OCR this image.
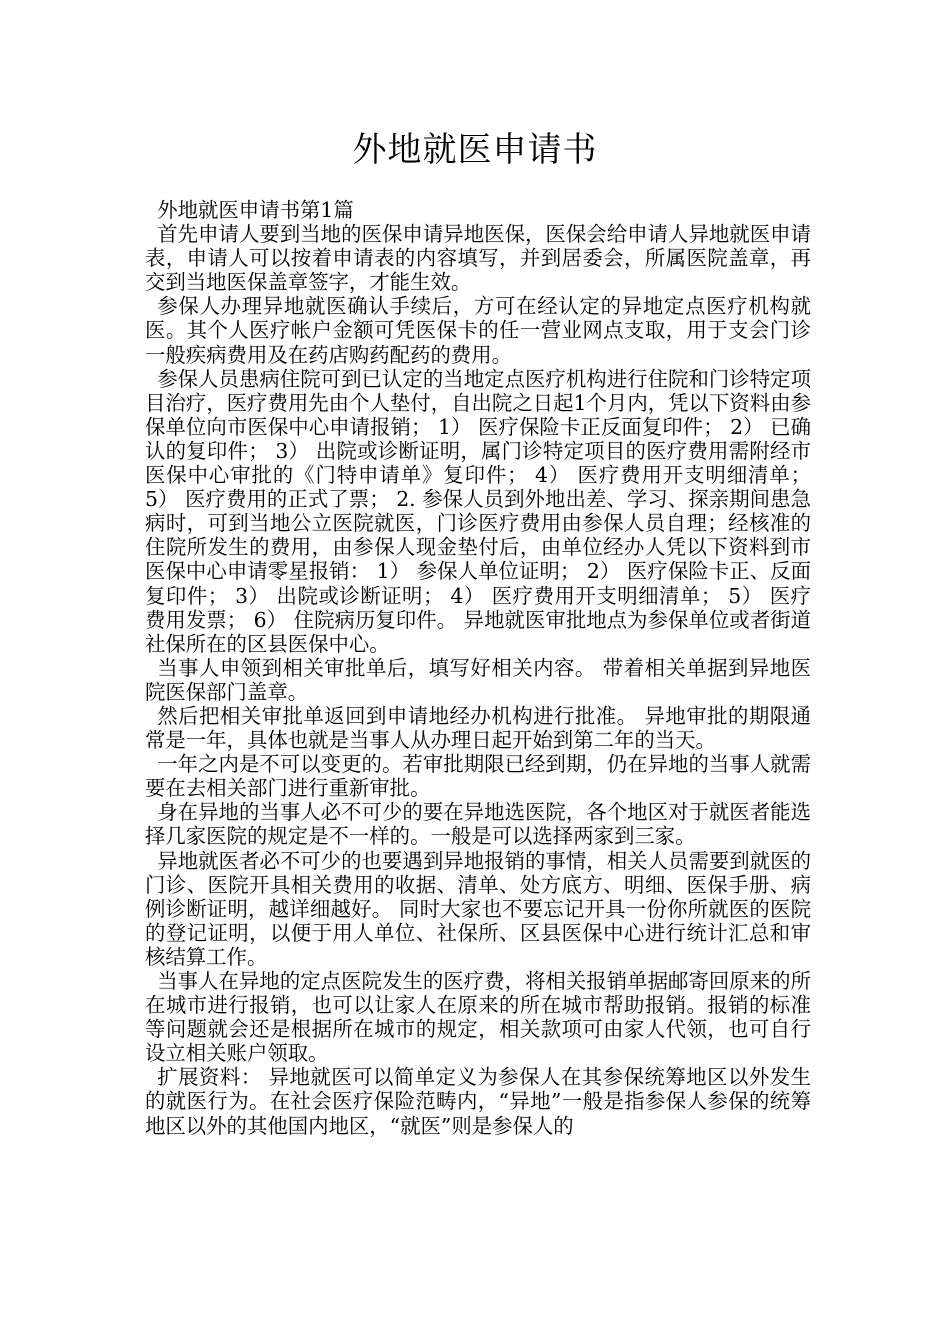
外地就医申请书

外地就医申请书第1篇

首先申请人要到当地的医保申请异地医保，医保会给申请人异地就医申请表，申请人可以按着申请表的内容填写，并到居委会，所属医院盖章，再交到当地医保盖章签字，才能生效。

参保人办理异地就医确认手续后，方可在经认定的异地定点医疗机构就医。其个人医疗帐户金额可凭医保卡的任一营业网点支取，用于支会门诊一般疾病费用及在药店购药配药的费用。

参保人员患病住院可到已认定的当地定点医疗机构进行住院和门诊特定项目治疗，医疗费用先由个人垫付，自出院之日起1个月内，凭以下资料由参保单位向市医保中心申请报销； 1） 医疗保险卡正反面复印件； 2） 已确认的复印件； 3） 出院或诊断证明，属门诊特定项目的医疗费用需附经市医保中心审批的《门特申请单》复印件； 4） 医疗费用开支明细清单； 5） 医疗费用的正式了票； 2. 参保人员到外地出差、学习、探亲期间患急病时，可到当地公立医院就医，门诊医疗费用由参保人员自理；经核准的住院所发生的费用，由参保人现金垫付后，由单位经办人凭以下资料到市医保中心申请零星报销： 1） 参保人单位证明； 2） 医疗保险卡正、反面复印件； 3） 出院或诊断证明； 4） 医疗费用开支明细清单； 5） 医疗费用发票； 6） 住院病历复印件。 异地就医审批地点为参保单位或者街道社保所在的区县医保中心。

当事人申领到相关审批单后，填写好相关内容。 带着相关单据到异地医院医保部门盖章。

然后把相关审批单返回到申请地经办机构进行批准。 异地审批的期限通常是一年，具体也就是当事人从办理日起开始到第二年的当天。

一年之内是不可以变更的。若审批期限已经到期，仍在异地的当事人就需要在去相关部门进行重新审批。

身在异地的当事人必不可少的要在异地选医院，各个地区对于就医者能选择几家医院的规定是不一样的。一般是可以选择两家到三家。

异地就医者必不可少的也要遇到异地报销的事情，相关人员需要到就医的门诊、医院开具相关费用的收据、清单、处方底方、明细、医保手册、病例诊断证明，越详细越好。 同时大家也不要忘记开具一份你所就医的医院的登记证明，以便于用人单位、社保所、区县医保中心进行统计汇总和审核结算工作。

当事人在异地的定点医院发生的医疗费，将相关报销单据邮寄回原来的所在城市进行报销，也可以让家人在原来的所在城市帮助报销。报销的标准等问题就会还是根据所在城市的规定，相关款项可由家人代领，也可自行设立相关账户领取。

扩展资料： 异地就医可以简单定义为参保人在其参保统筹地区以外发生的就医行为。在社会医疗保险范畴内，“异地”一般是指参保人参保的统筹地区以外的其他国内地区，“就医”则是参保人的
